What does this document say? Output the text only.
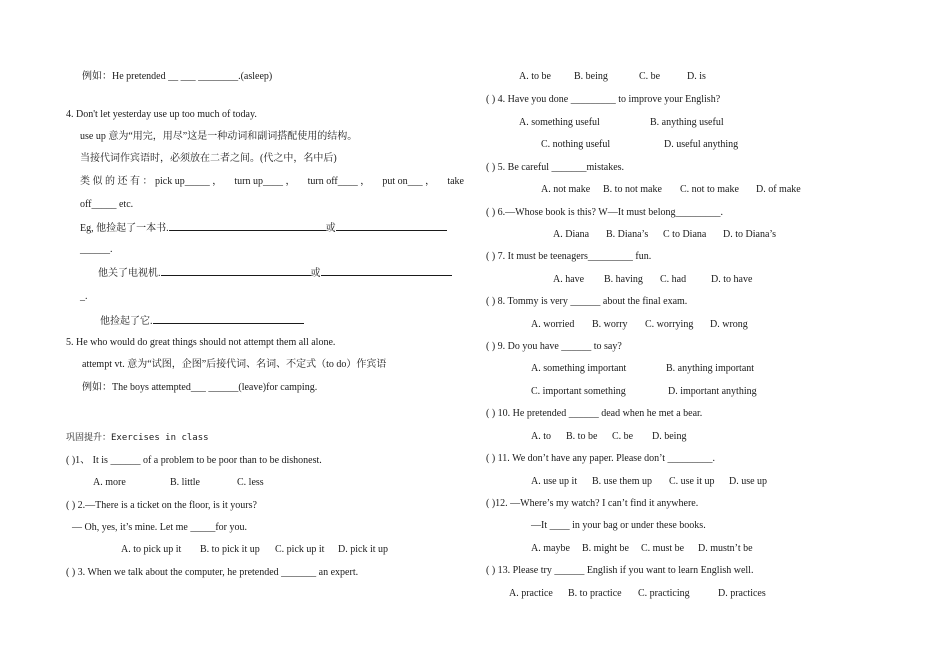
例如：He pretended __ ___ ________.(asleep)
4. Don't let yesterday use up too much of today.
use up 意为“用完，用尽”这是一种动词和副词搭配使用的结构。
当接代词作宾语时，必须放在二者之间。(代之中，名中后)
类 似 的 还 有 ： pick up_____ ， turn up____ ， turn off____ ， put on___ ， take
off_____ etc.
Eg, 他捡起了一本书.	或
______.
他关了电视机.	或
_.
他捡起了它.
5. He who would do great things should not attempt them all alone.
attempt vt. 意为“试图，企图”后接代词、名词、不定式（to do）作宾语
例如：The boys attempted___ ______(leave)for camping.
巩固提升：Exercises in class
( )1、 It is ______ of a problem to be poor than to be dishonest.
A. more	B. little	C. less
( ) 2.—There is a ticket on the floor, is it yours?
— Oh, yes, it’s mine. Let me _____for you.
A. to pick up it B. to pick it up C. pick up it D. pick it up
( ) 3. When we talk about the computer, he pretended _______ an expert.
A. to be B. being	C. be	D. is
( ) 4. Have you done _________ to improve your English?
A. something useful	B. anything useful
C. nothing useful	D. useful anything
( ) 5. Be careful _______mistakes.
A. not make B. to not make C. not to make D. of make
( ) 6.—Whose book is this? W—It must belong_________.
A. Diana B. Diana’s C to Diana D. to Diana’s
( ) 7. It must be teenagers_________ fun.
A. have B. having C. had D. to have
( ) 8. Tommy is very ______ about the final exam.
A. worried B. worry C. worrying D. wrong
( ) 9. Do you have ______ to say?
A. something important	B. anything important
C. important something	D. important anything
( ) 10. He pretended ______ dead when he met a bear.
A. to B. to be C. be D. being
( ) 11. We don’t have any paper. Please don’t _________.
A. use up it B. use them up C. use it up D. use up
( )12. —Where’s my watch? I can’t find it anywhere.
—It ____ in your bag or under these books.
A. maybe B. might be C. must be D. mustn’t be
( ) 13. Please try ______ English if you want to learn English well.
A. practice B. to practice C. practicing	D. practices
